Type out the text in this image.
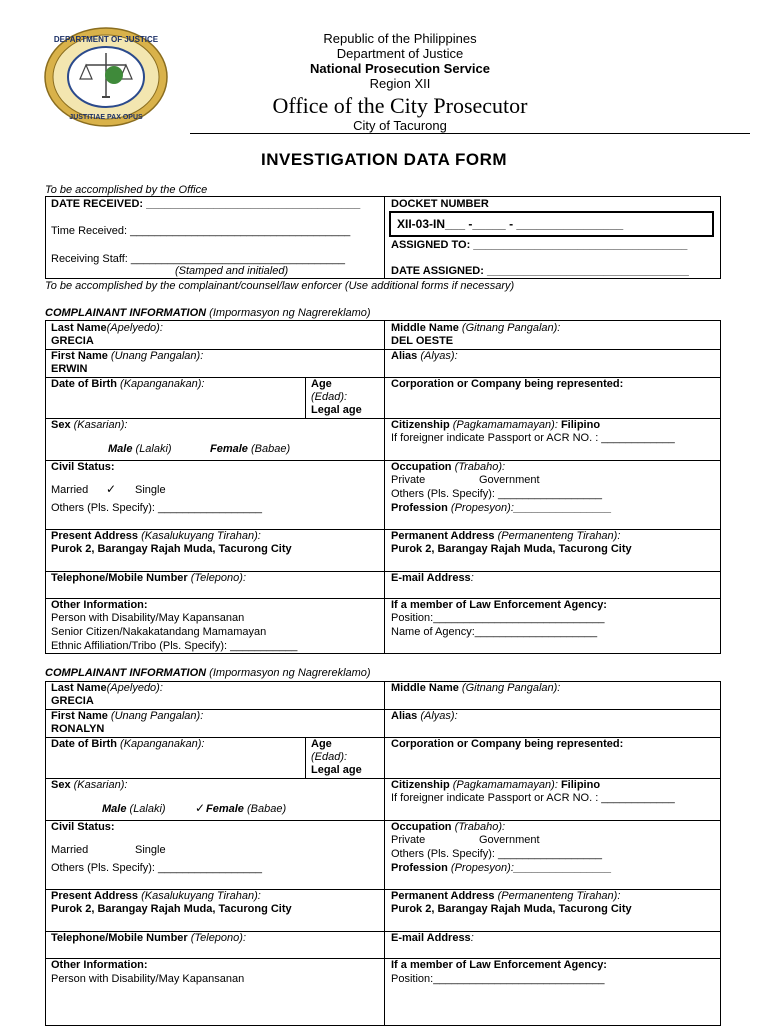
DEPARTMENT OF JUSTICE
JUSTITIAE PAX OPUS
Republic of the Philippines
Department of Justice
National Prosecution Service
Region XII
Office of the City Prosecutor
City of Tacurong
INVESTIGATION DATA FORM
To be accomplished by the Office
DATE RECEIVED: ___________________________________
Time Received: ____________________________________
Receiving Staff: ___________________________________
(Stamped and initialed)
DOCKET NUMBER
XII-03-IN___ -_____ - ________________
ASSIGNED TO: ___________________________________
DATE ASSIGNED: _________________________________
To be accomplished by the complainant/counsel/law enforcer (Use additional forms if necessary)
COMPLAINANT INFORMATION (Impormasyon ng Nagrereklamo)
Last Name(Apelyedo):
GRECIA
Middle Name (Gitnang Pangalan):
DEL OESTE
First Name (Unang Pangalan):
ERWIN
Alias (Alyas):
Date of Birth (Kapanganakan):	Age
(Edad):
Legal age
Corporation or Company being represented:
Sex (Kasarian):
Male (Lalaki)	Female (Babae)
Citizenship (Pagkamamamayan): Filipino
If foreigner indicate Passport or ACR NO. : ____________
Civil Status:
Married ✓ Single
Others (Pls. Specify): _________________
Occupation (Trabaho):
Private	Government
Others (Pls. Specify): _________________
Profession (Propesyon):________________
Present Address (Kasalukuyang Tirahan):
Purok 2, Barangay Rajah Muda, Tacurong City
Permanent Address (Permanenteng Tirahan):
Purok 2, Barangay Rajah Muda, Tacurong City
Telephone/Mobile Number (Telepono):	E-mail Address:
Other Information:
Person with Disability/May Kapansanan
Senior Citizen/Nakakatandang Mamamayan
Ethnic Affiliation/Tribo (Pls. Specify): ___________
If a member of Law Enforcement Agency:
Position:____________________________
Name of Agency:____________________
COMPLAINANT INFORMATION (Impormasyon ng Nagrereklamo)
Last Name(Apelyedo):
GRECIA
Middle Name (Gitnang Pangalan):
First Name (Unang Pangalan):
RONALYN
Alias (Alyas):
Date of Birth (Kapanganakan):	Age
(Edad):
Legal age
Corporation or Company being represented:
Sex (Kasarian):
Male (Lalaki) ✓ Female (Babae)
Citizenship (Pagkamamamayan): Filipino
If foreigner indicate Passport or ACR NO. : ____________
Civil Status:
Married	Single
Others (Pls. Specify): _________________
Occupation (Trabaho):
Private	Government
Others (Pls. Specify): _________________
Profession (Propesyon):________________
Present Address (Kasalukuyang Tirahan):
Purok 2, Barangay Rajah Muda, Tacurong City
Permanent Address (Permanenteng Tirahan):
Purok 2, Barangay Rajah Muda, Tacurong City
Telephone/Mobile Number (Telepono):	E-mail Address:
Other Information:
Person with Disability/May Kapansanan
If a member of Law Enforcement Agency:
Position:____________________________
